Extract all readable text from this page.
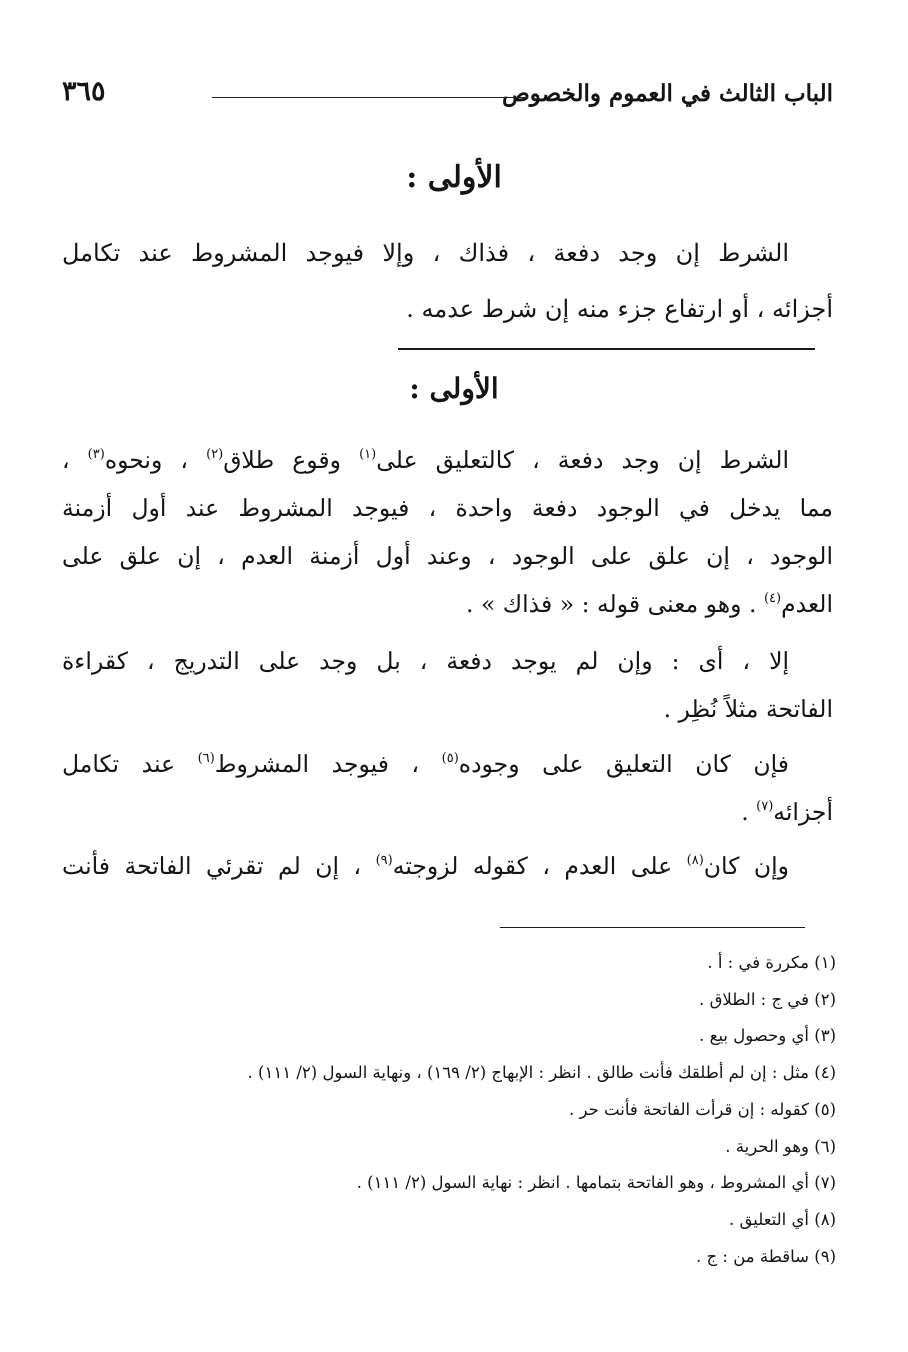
الباب الثالث في العموم والخصوص
٣٦٥
الأولى :
الشرط إن وجد دفعة ، فذاك ، وإلا فيوجد المشروط عند تكامل
أجزائه ، أو ارتفاع جزء منه إن شرط عدمه .
الأولى :
الشرط إن وجد دفعة ، كالتعليق على$^{(١)}$ وقوع طلاق$^{(٢)}$ ، ونحوه$^{(٣)}$ ،
مما يدخل في الوجود دفعة واحدة ، فيوجد المشروط عند أول أزمنة
الوجود ، إن علق على الوجود ، وعند أول أزمنة العدم ، إن علق على
العدم$^{(٤)}$ . وهو معنى قوله : « فذاك » .
إلا ، أى : وإن لم يوجد دفعة ، بل وجد على التدريج ، كقراءة
الفاتحة مثلاً نُظِر .
فإن كان التعليق على وجوده$^{(٥)}$ ، فيوجد المشروط$^{(٦)}$ عند تكامل
أجزائه$^{(٧)}$ .
وإن كان$^{(٨)}$ على العدم ، كقوله لزوجته$^{(٩)}$ ، إن لم تقرئي الفاتحة فأنت
(١) مكررة في : أ .
(٢) في ج : الطلاق .
(٣) أي وحصول بيع .
(٤) مثل : إن لم أطلقك فأنت طالق . انظر : الإبهاج (٢/ ١٦٩) ، ونهاية السول (٢/ ١١١) .
(٥) كقوله : إن قرأت الفاتحة فأنت حر .
(٦) وهو الحرية .
(٧) أي المشروط ، وهو الفاتحة بتمامها . انظر : نهاية السول (٢/ ١١١) .
(٨) أي التعليق .
(٩) ساقطة من : ج .
